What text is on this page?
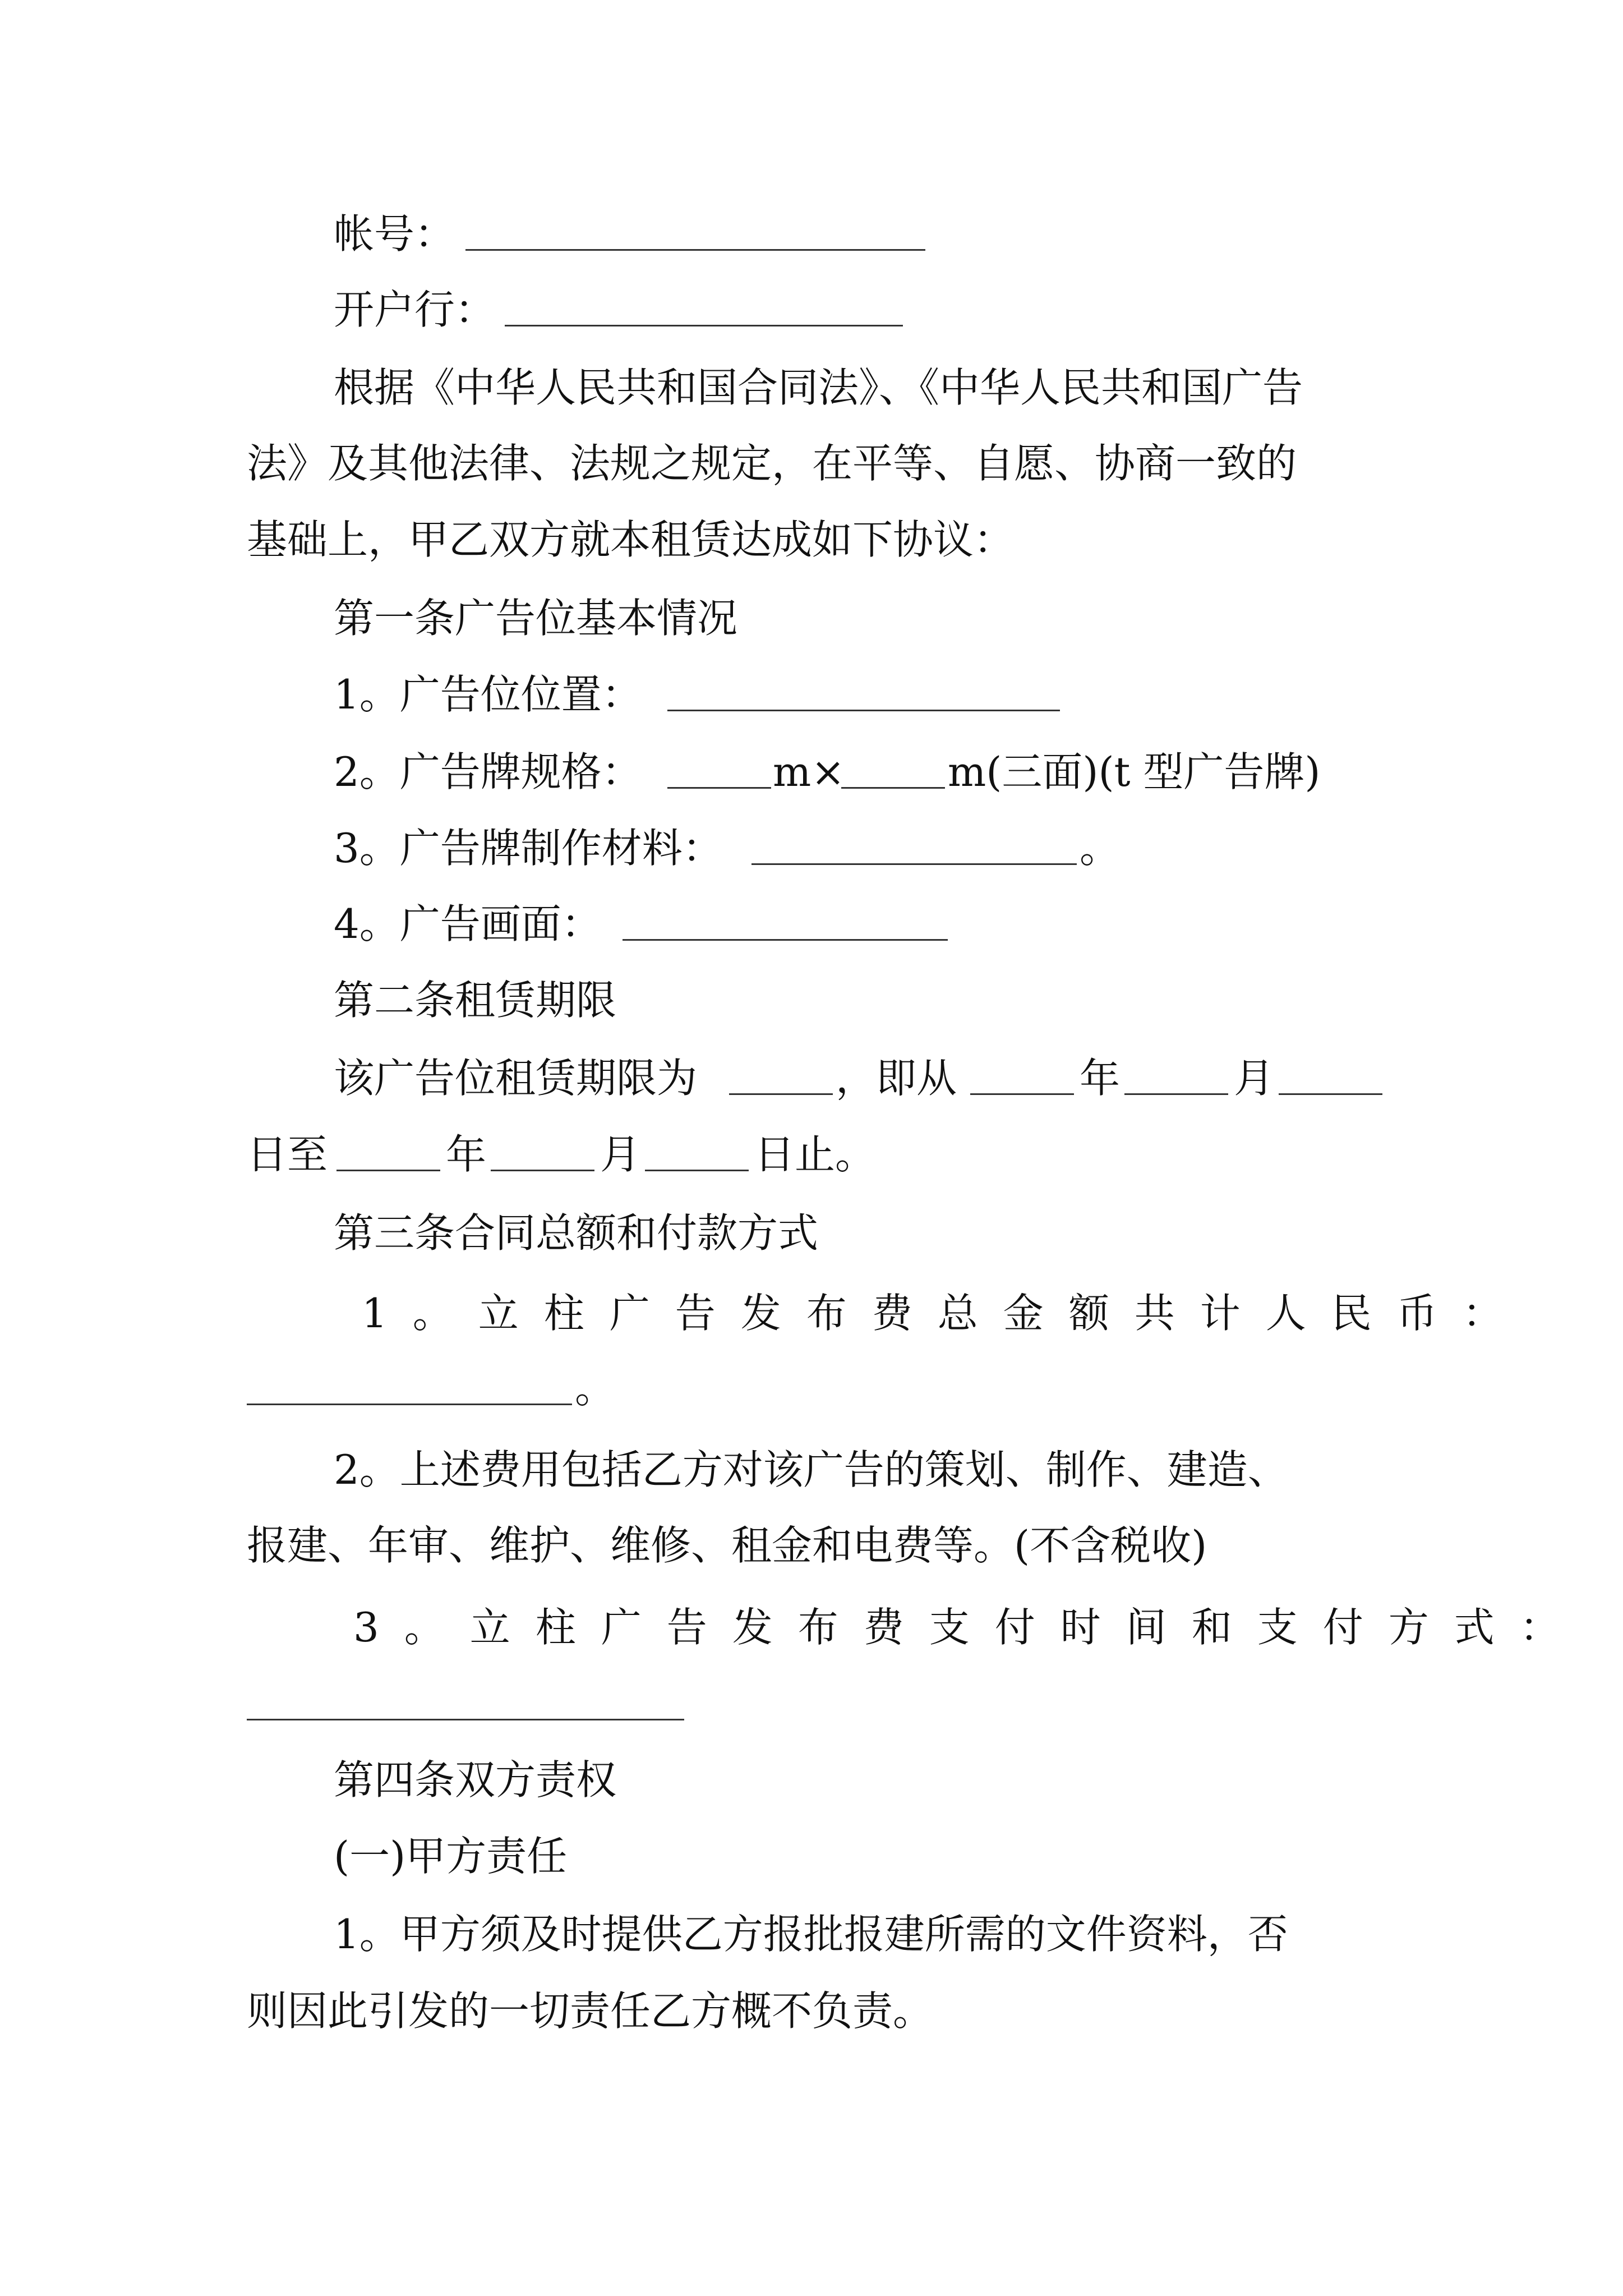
帐号：
开户行：
根据《中华人民共和国合同法》、《中华人民共和国广告
法》及其他法律、法规之规定，在平等、自愿、协商一致的
基础上，甲乙双方就本租赁达成如下协议：
第一条广告位基本情况
1。广告位位置：
2。广告牌规格：	m×	m(三面)(t 型广告牌)
3。广告牌制作材料：	。
4。广告画面：
第二条租赁期限
该广告位租赁期限为	，即从	年	月
日至	年	月	日止。
第三条合同总额和付款方式
1。立柱广告发布费总金额共计人民币：
。
2。上述费用包括乙方对该广告的策划、制作、建造、
报建、年审、维护、维修、租金和电费等。(不含税收)
3。立柱广告发布费支付时间和支付方式：
第四条双方责权
(一)甲方责任
1。甲方须及时提供乙方报批报建所需的文件资料，否
则因此引发的一切责任乙方概不负责。
